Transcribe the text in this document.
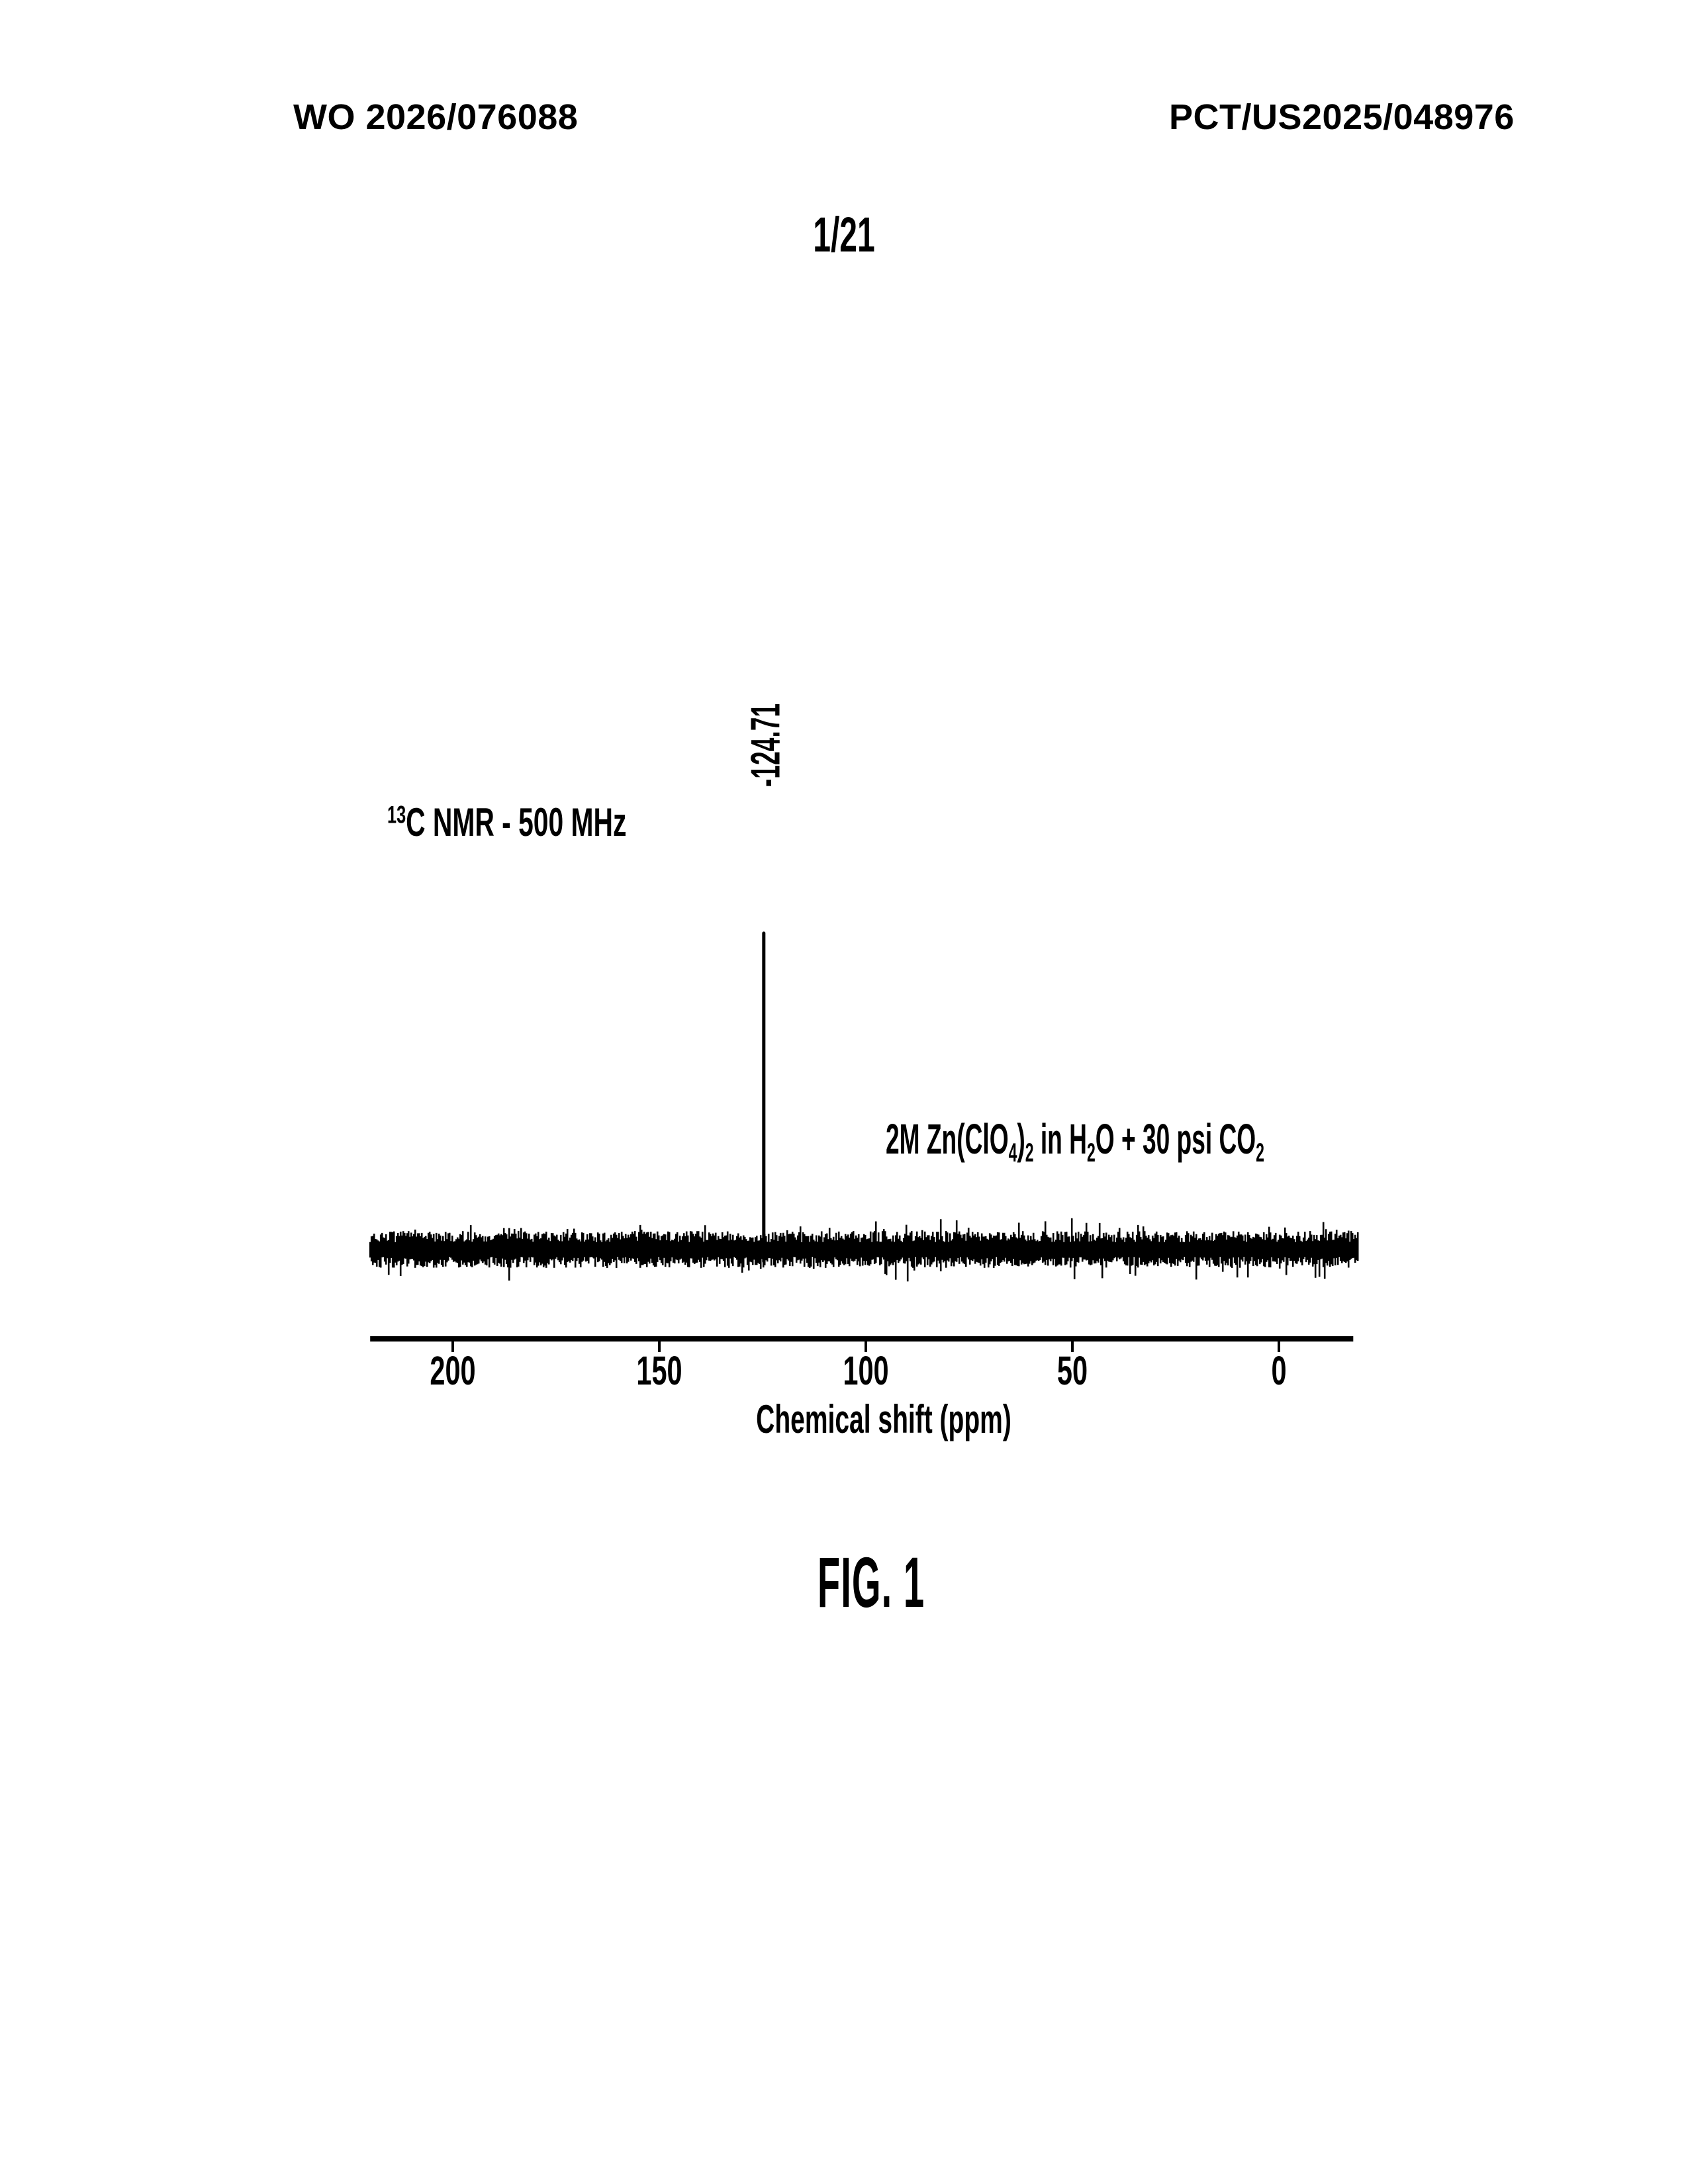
WO 2026/076088	PCT/US2025/048976
1/21
$^{13}$C NMR - 500 MHz
-124.71
2M Zn(ClO4)2 in H2O + 30 psi CO2
200	150	100	50	0
Chemical shift (ppm)
FIG. 1
